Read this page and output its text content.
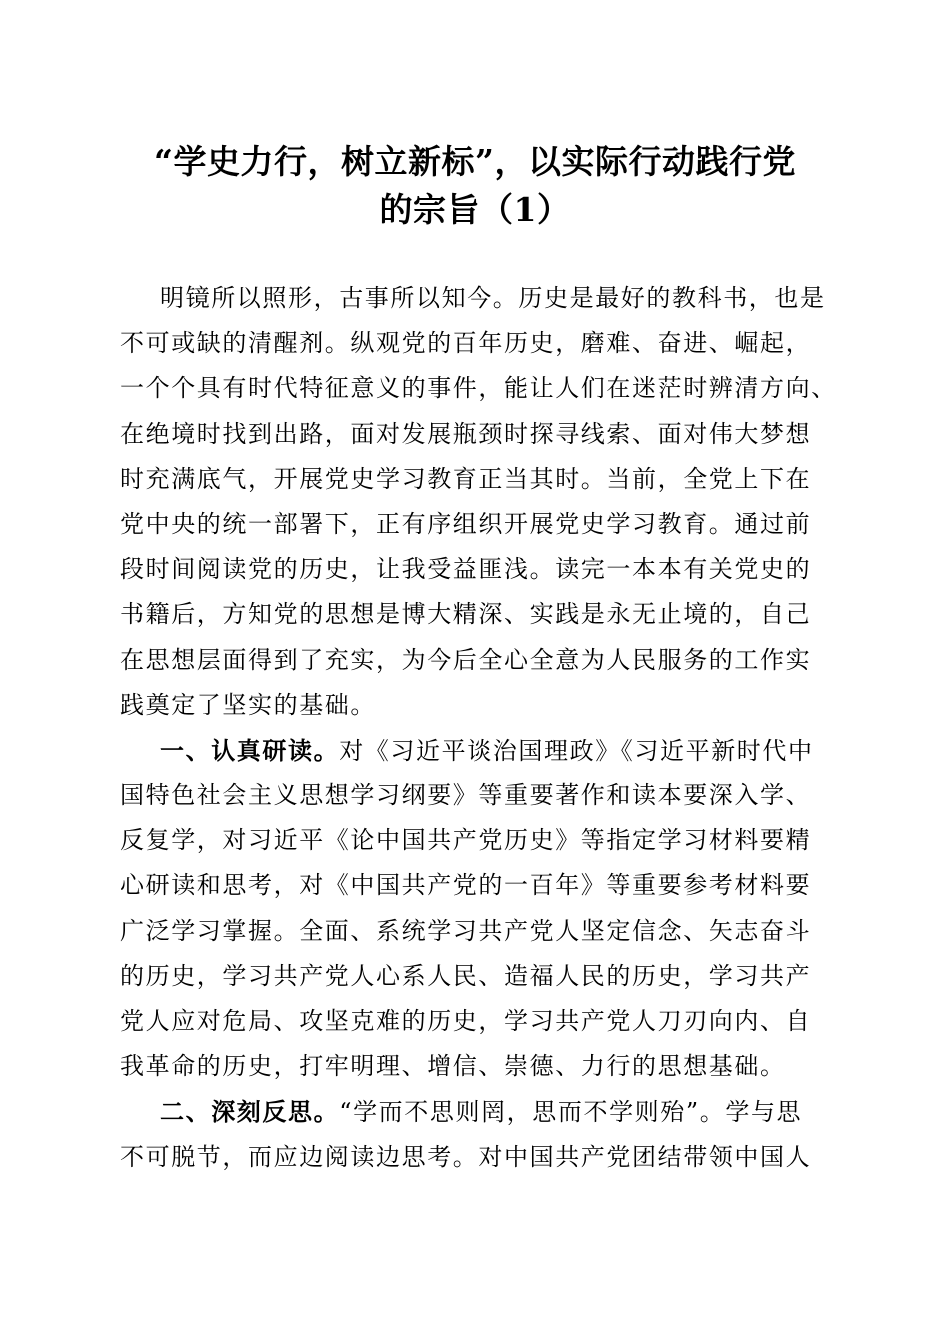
“学史力行，树立新标”，以实际行动践行党
的宗旨（1）
明镜所以照形，古事所以知今。历史是最好的教科书，也是
不可或缺的清醒剂。纵观党的百年历史，磨难、奋进、崛起，
一个个具有时代特征意义的事件，能让人们在迷茫时辨清方向、
在绝境时找到出路，面对发展瓶颈时探寻线索、面对伟大梦想
时充满底气，开展党史学习教育正当其时。当前，全党上下在
党中央的统一部署下，正有序组织开展党史学习教育。通过前
段时间阅读党的历史，让我受益匪浅。读完一本本有关党史的
书籍后，方知党的思想是博大精深、实践是永无止境的，自己
在思想层面得到了充实，为今后全心全意为人民服务的工作实
践奠定了坚实的基础。
一、认真研读。对《习近平谈治国理政》《习近平新时代中
国特色社会主义思想学习纲要》等重要著作和读本要深入学、
反复学，对习近平《论中国共产党历史》等指定学习材料要精
心研读和思考，对《中国共产党的一百年》等重要参考材料要
广泛学习掌握。全面、系统学习共产党人坚定信念、矢志奋斗
的历史，学习共产党人心系人民、造福人民的历史，学习共产
党人应对危局、攻坚克难的历史，学习共产党人刀刃向内、自
我革命的历史，打牢明理、增信、崇德、力行的思想基础。
二、深刻反思。“学而不思则罔，思而不学则殆”。学与思
不可脱节，而应边阅读边思考。对中国共产党团结带领中国人
